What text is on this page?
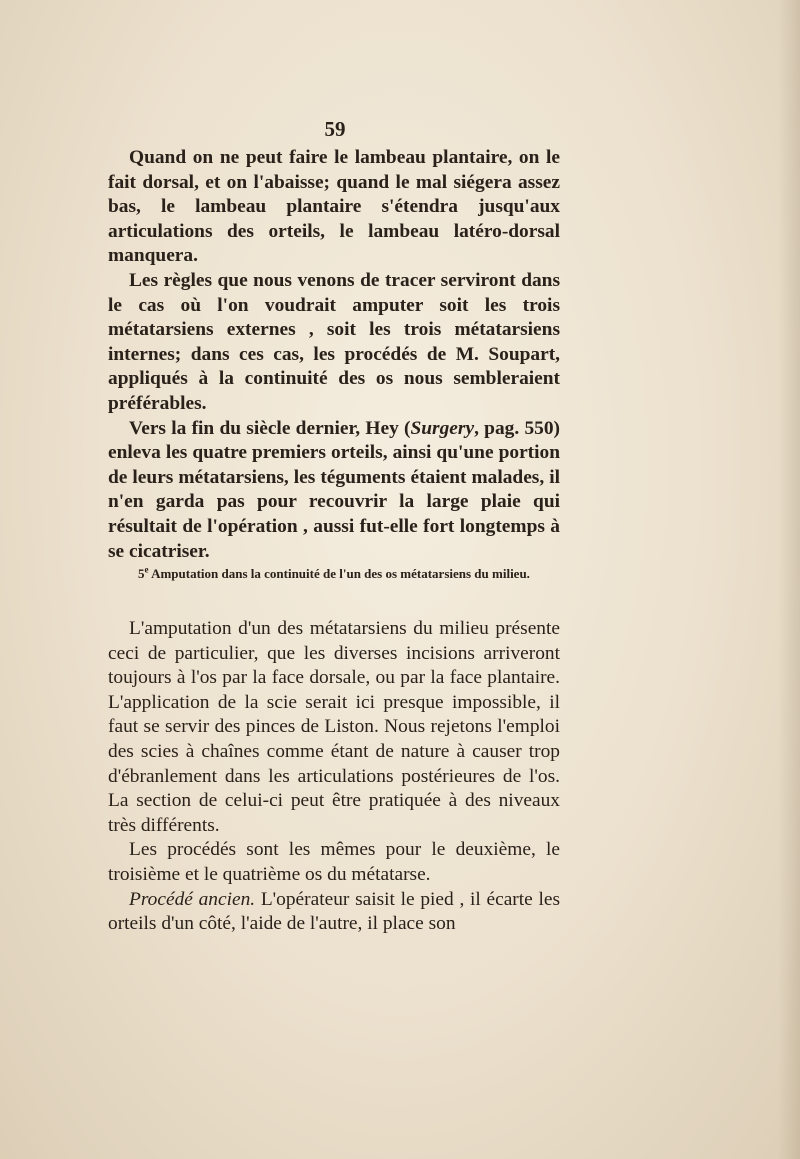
59

Quand on ne peut faire le lambeau plantaire, on le fait dorsal, et on l'abaisse; quand le mal siégera assez bas, le lambeau plantaire s'étendra jusqu'aux articulations des orteils, le lambeau latéro-dorsal manquera.

Les règles que nous venons de tracer serviront dans le cas où l'on voudrait amputer soit les trois métatarsiens externes , soit les trois métatarsiens internes; dans ces cas, les procédés de M. Soupart, appliqués à la continuité des os nous sembleraient préférables.

Vers la fin du siècle dernier, Hey (Surgery, pag. 550) enleva les quatre premiers orteils, ainsi qu'une portion de leurs métatarsiens, les téguments étaient malades, il n'en garda pas pour recouvrir la large plaie qui résultait de l'opération , aussi fut-elle fort longtemps à se cicatriser.

5e Amputation dans la continuité de l'un des os métatarsiens du milieu.

L'amputation d'un des métatarsiens du milieu présente ceci de particulier, que les diverses incisions arriveront toujours à l'os par la face dorsale, ou par la face plantaire. L'application de la scie serait ici presque impossible, il faut se servir des pinces de Liston. Nous rejetons l'emploi des scies à chaînes comme étant de nature à causer trop d'ébranlement dans les articulations postérieures de l'os. La section de celui-ci peut être pratiquée à des niveaux très différents.

Les procédés sont les mêmes pour le deuxième, le troisième et le quatrième os du métatarse.

Procédé ancien. L'opérateur saisit le pied , il écarte les orteils d'un côté, l'aide de l'autre, il place son
